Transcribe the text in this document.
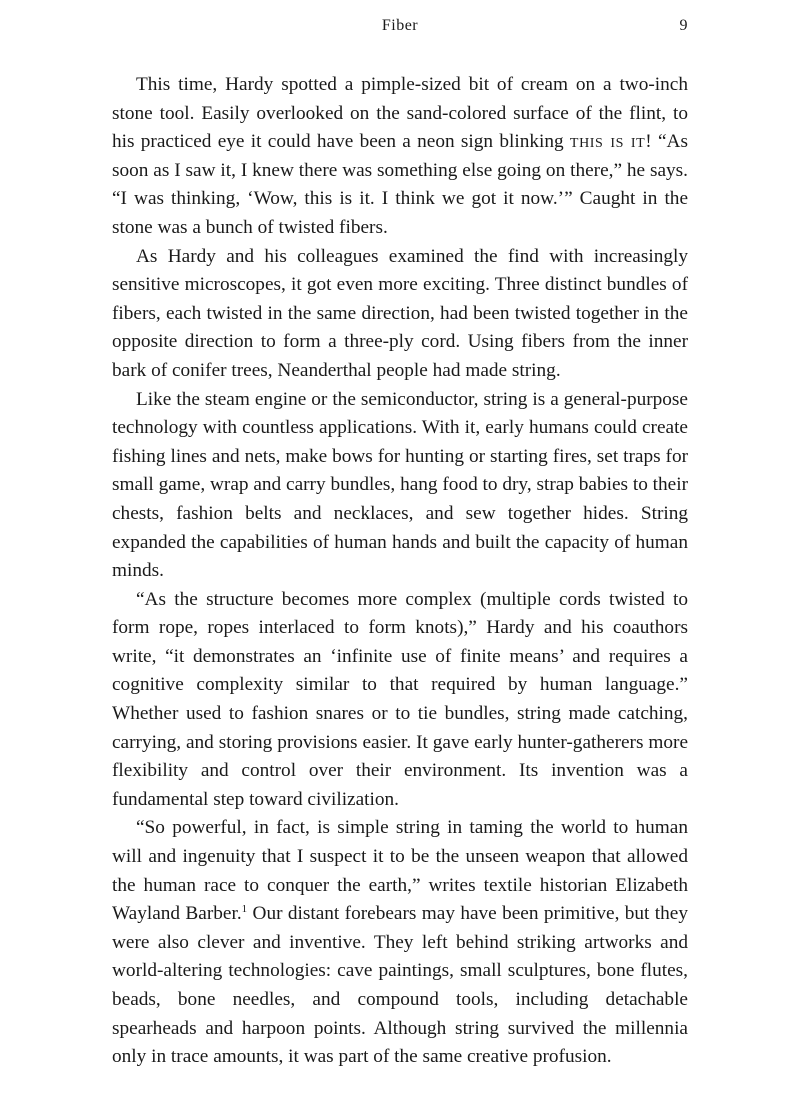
Fiber	9

This time, Hardy spotted a pimple-sized bit of cream on a two-inch stone tool. Easily overlooked on the sand-colored surface of the flint, to his practiced eye it could have been a neon sign blinking this is it! “As soon as I saw it, I knew there was something else going on there,” he says. “I was thinking, ‘Wow, this is it. I think we got it now.’” Caught in the stone was a bunch of twisted fibers.

As Hardy and his colleagues examined the find with increasingly sensitive microscopes, it got even more exciting. Three distinct bundles of fibers, each twisted in the same direction, had been twisted together in the opposite direction to form a three-ply cord. Using fibers from the inner bark of conifer trees, Neanderthal people had made string.

Like the steam engine or the semiconductor, string is a general-purpose technology with countless applications. With it, early humans could create fishing lines and nets, make bows for hunting or starting fires, set traps for small game, wrap and carry bundles, hang food to dry, strap babies to their chests, fashion belts and necklaces, and sew together hides. String expanded the capabilities of human hands and built the capacity of human minds.

“As the structure becomes more complex (multiple cords twisted to form rope, ropes interlaced to form knots),” Hardy and his coauthors write, “it demonstrates an ‘infinite use of finite means’ and requires a cognitive complexity similar to that required by human language.” Whether used to fashion snares or to tie bundles, string made catching, carrying, and storing provisions easier. It gave early hunter-gatherers more flexibility and control over their environment. Its invention was a fundamental step toward civilization.

“So powerful, in fact, is simple string in taming the world to human will and ingenuity that I suspect it to be the unseen weapon that allowed the human race to conquer the earth,” writes textile historian Elizabeth Wayland Barber.$^1$ Our distant forebears may have been primitive, but they were also clever and inventive. They left behind striking artworks and world-altering technologies: cave paintings, small sculptures, bone flutes, beads, bone needles, and compound tools, including detachable spearheads and harpoon points. Although string survived the millennia only in trace amounts, it was part of the same creative profusion.
